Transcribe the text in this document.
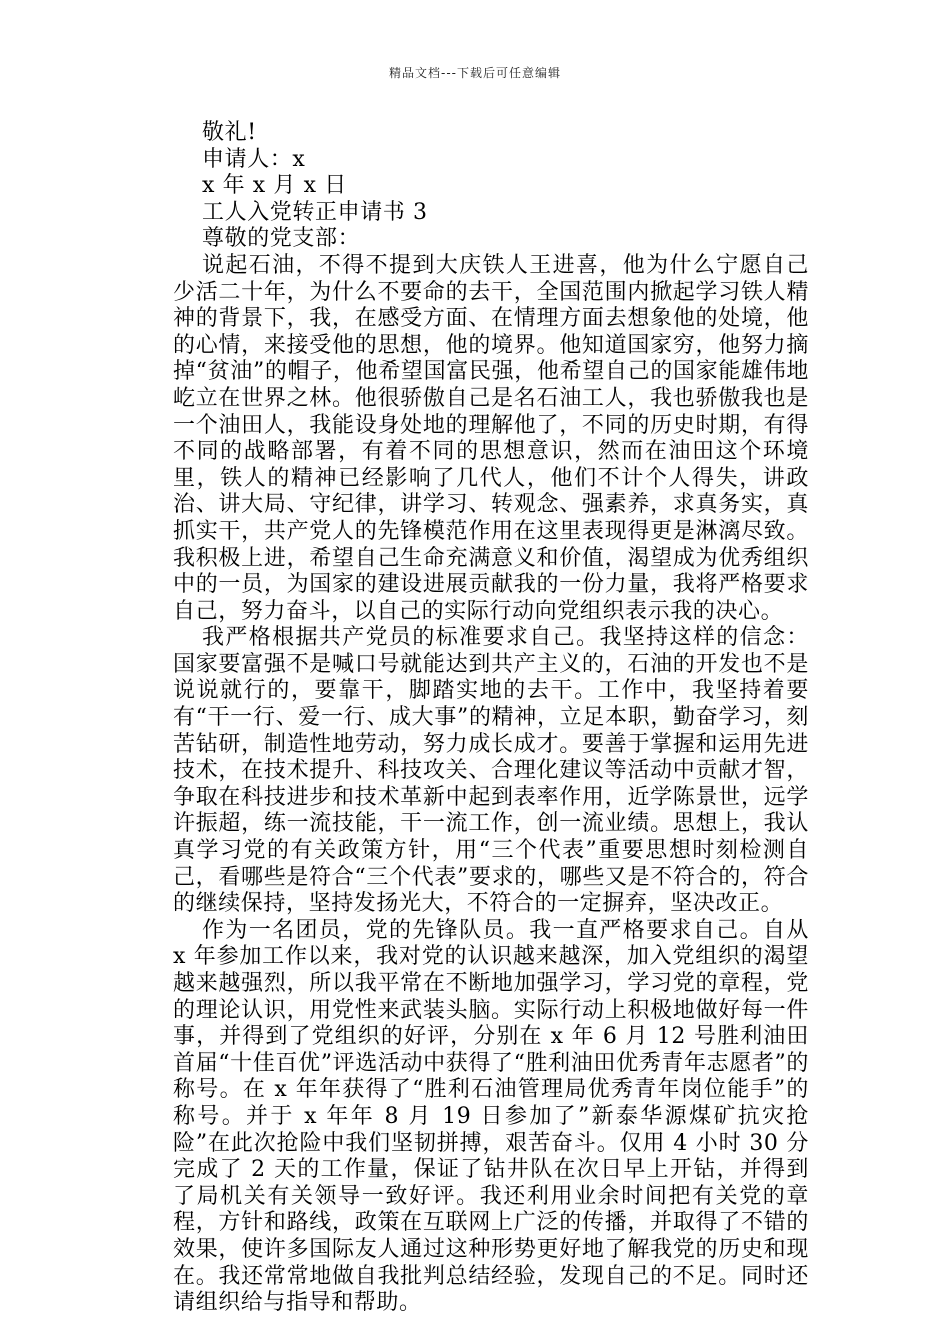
精品文档---下载后可任意编辑
敬礼!
申请人：x
x 年 x 月 x 日
工人入党转正申请书 3
尊敬的党支部：

说起石油，不得不提到大庆铁人王进喜，他为什么宁愿自己少活二十年，为什么不要命的去干，全国范围内掀起学习铁人精神的背景下，我，在感受方面、在情理方面去想象他的处境，他的心情，来接受他的思想，他的境界。他知道国家穷，他努力摘掉“贫油”的帽子，他希望国富民强，他希望自己的国家能雄伟地屹立在世界之林。他很骄傲自己是名石油工人，我也骄傲我也是一个油田人，我能设身处地的理解他了，不同的历史时期，有得不同的战略部署，有着不同的思想意识，然而在油田这个环境里，铁人的精神已经影响了几代人，他们不计个人得失，讲政治、讲大局、守纪律，讲学习、转观念、强素养，求真务实，真抓实干，共产党人的先锋模范作用在这里表现得更是淋漓尽致。我积极上进，希望自己生命充满意义和价值，渴望成为优秀组织中的一员，为国家的建设进展贡献我的一份力量，我将严格要求自己，努力奋斗，以自己的实际行动向党组织表示我的决心。

我严格根据共产党员的标准要求自己。我坚持这样的信念：国家要富强不是喊口号就能达到共产主义的，石油的开发也不是说说就行的，要靠干，脚踏实地的去干。工作中，我坚持着要有“干一行、爱一行、成大事”的精神，立足本职，勤奋学习，刻苦钻研，制造性地劳动，努力成长成才。要善于掌握和运用先进技术，在技术提升、科技攻关、合理化建议等活动中贡献才智，争取在科技进步和技术革新中起到表率作用，近学陈景世，远学许振超，练一流技能，干一流工作，创一流业绩。思想上，我认真学习党的有关政策方针，用“三个代表”重要思想时刻检测自己，看哪些是符合“三个代表”要求的，哪些又是不符合的，符合的继续保持，坚持发扬光大，不符合的一定摒弃，坚决改正。

作为一名团员，党的先锋队员。我一直严格要求自己。自从 x 年参加工作以来，我对党的认识越来越深，加入党组织的渴望越来越强烈，所以我平常在不断地加强学习，学习党的章程，党的理论认识，用党性来武装头脑。实际行动上积极地做好每一件事，并得到了党组织的好评，分别在 x 年 6 月 12 号胜利油田首届“十佳百优”评选活动中获得了“胜利油田优秀青年志愿者”的称号。在 x 年年获得了“胜利石油管理局优秀青年岗位能手”的称号。并于 x 年年 8 月 19 日参加了”新泰华源煤矿抗灾抢险”在此次抢险中我们坚韧拼搏，艰苦奋斗。仅用 4 小时 30 分完成了 2 天的工作量，保证了钻井队在次日早上开钻，并得到了局机关有关领导一致好评。我还利用业余时间把有关党的章程，方针和路线，政策在互联网上广泛的传播，并取得了不错的效果，使许多国际友人通过这种形势更好地了解我党的历史和现在。我还常常地做自我批判总结经验，发现自己的不足。同时还请组织给与指导和帮助。
